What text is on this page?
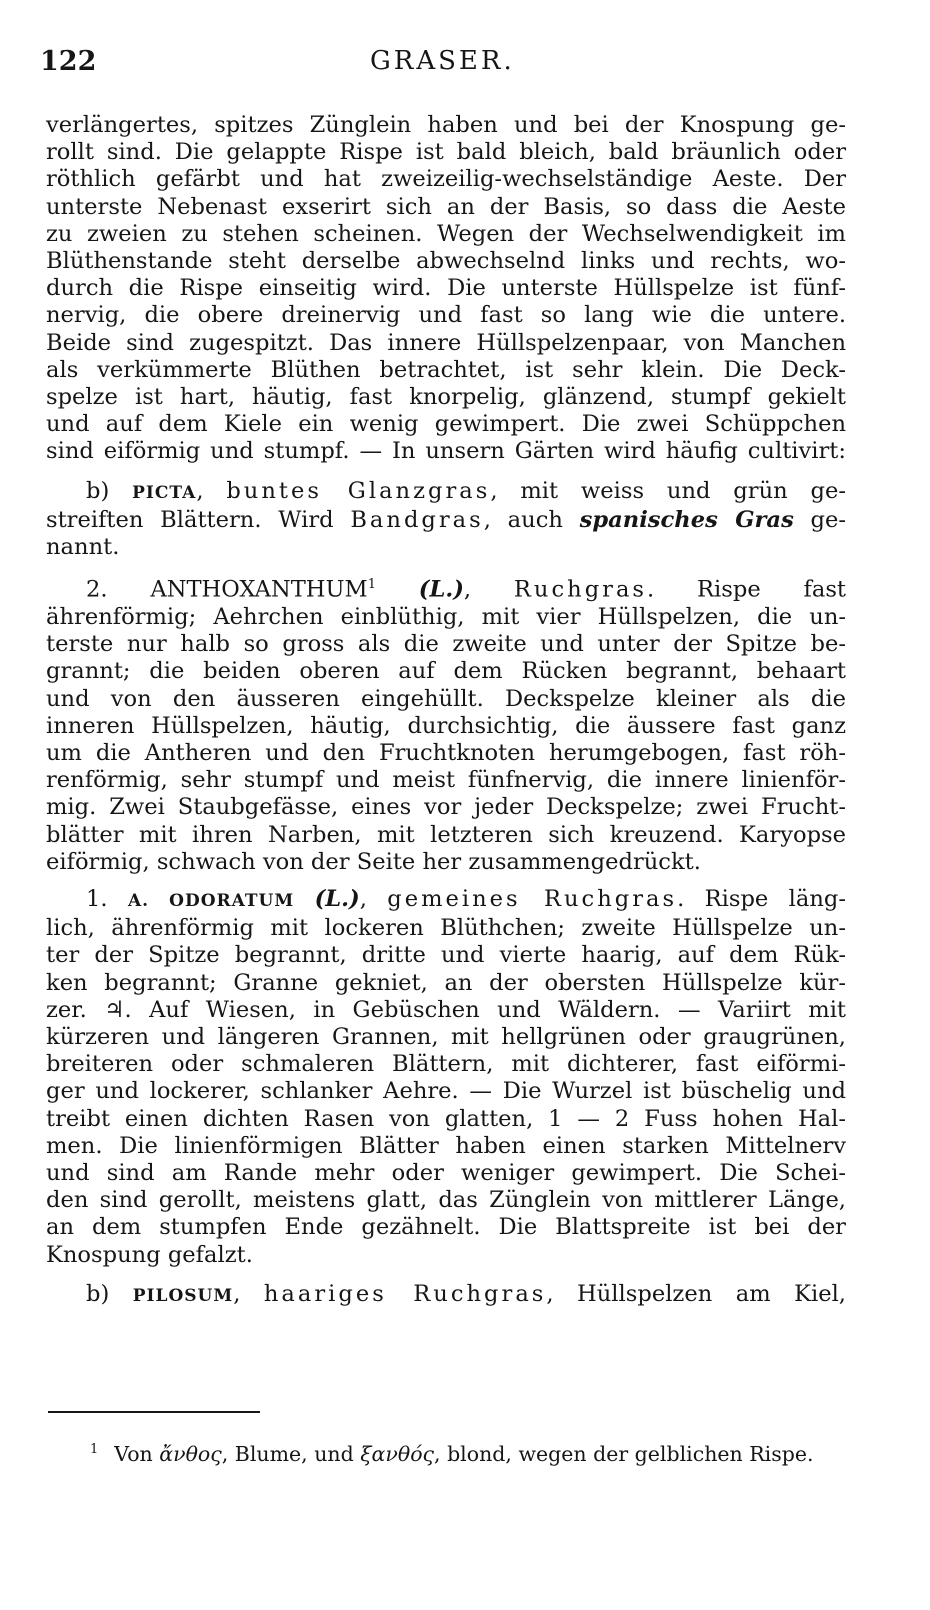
122	GRASER.

verlängertes, spitzes Zünglein haben und bei der Knospung ge-

rollt sind. Die gelappte Rispe ist bald bleich, bald bräunlich oder

röthlich gefärbt und hat zweizeilig-wechselständige Aeste. Der

unterste Nebenast exserirt sich an der Basis, so dass die Aeste

zu zweien zu stehen scheinen. Wegen der Wechselwendigkeit im

Blüthenstande steht derselbe abwechselnd links und rechts, wo-

durch die Rispe einseitig wird. Die unterste Hüllspelze ist fünf-

nervig, die obere dreinervig und fast so lang wie die untere.

Beide sind zugespitzt. Das innere Hüllspelzenpaar, von Manchen

als verkümmerte Blüthen betrachtet, ist sehr klein. Die Deck-

spelze ist hart, häutig, fast knorpelig, glänzend, stumpf gekielt

und auf dem Kiele ein wenig gewimpert. Die zwei Schüppchen

sind eiförmig und stumpf. — In unsern Gärten wird häufig cultivirt:

b) PICTA, buntes Glanzgras, mit weiss und grün ge-

streiften Blättern. Wird Bandgras, auch spanisches Gras ge-

nannt.

2. ANTHOXANTHUM$^1$ (L.), Ruchgras. Rispe fast

ährenförmig; Aehrchen einblüthig, mit vier Hüllspelzen, die un-

terste nur halb so gross als die zweite und unter der Spitze be-

grannt; die beiden oberen auf dem Rücken begrannt, behaart

und von den äusseren eingehüllt. Deckspelze kleiner als die

inneren Hüllspelzen, häutig, durchsichtig, die äussere fast ganz

um die Antheren und den Fruchtknoten herumgebogen, fast röh-

renförmig, sehr stumpf und meist fünfnervig, die innere linienför-

mig. Zwei Staubgefässe, eines vor jeder Deckspelze; zwei Frucht-

blätter mit ihren Narben, mit letzteren sich kreuzend. Karyopse

eiförmig, schwach von der Seite her zusammengedrückt.

1. A. ODORATUM (L.), gemeines Ruchgras. Rispe läng-

lich, ährenförmig mit lockeren Blüthchen; zweite Hüllspelze un-

ter der Spitze begrannt, dritte und vierte haarig, auf dem Rük-

ken begrannt; Granne gekniet, an der obersten Hüllspelze kür-

zer. ♃. Auf Wiesen, in Gebüschen und Wäldern. — Variirt mit

kürzeren und längeren Grannen, mit hellgrünen oder graugrünen,

breiteren oder schmaleren Blättern, mit dichterer, fast eiförmi-

ger und lockerer, schlanker Aehre. — Die Wurzel ist büschelig und

treibt einen dichten Rasen von glatten, 1 — 2 Fuss hohen Hal-

men. Die linienförmigen Blätter haben einen starken Mittelnerv

und sind am Rande mehr oder weniger gewimpert. Die Schei-

den sind gerollt, meistens glatt, das Zünglein von mittlerer Länge,

an dem stumpfen Ende gezähnelt. Die Blattspreite ist bei der

Knospung gefalzt.

b) PILOSUM, haariges Ruchgras, Hüllspelzen am Kiel,

$^1$ Von ἄνθος, Blume, und ξανθός, blond, wegen der gelblichen Rispe.
